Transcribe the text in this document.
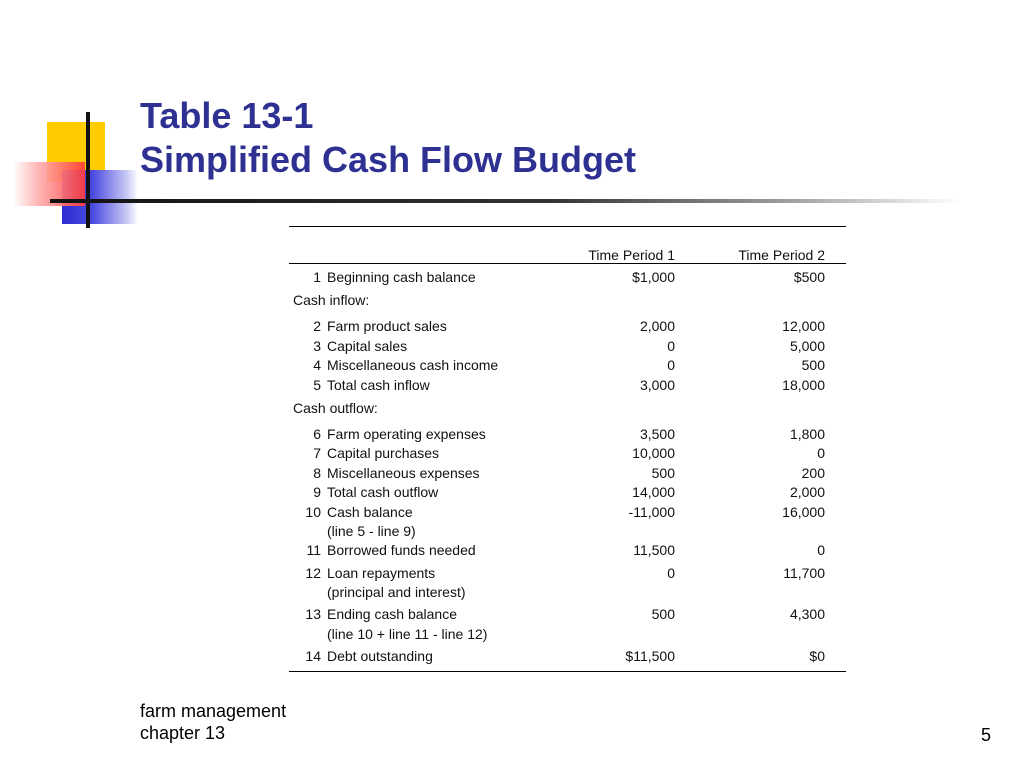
Table 13-1
Simplified Cash Flow Budget
Time Period 1	Time Period 2
1 Beginning cash balance	$1,000	$500
Cash inflow:
2 Farm product sales	2,000	12,000
3 Capital sales	0	5,000
4 Miscellaneous cash income	0	500
5 Total cash inflow	3,000	18,000
Cash outflow:
6 Farm operating expenses	3,500	1,800
7 Capital purchases	10,000	0
8 Miscellaneous expenses	500	200
9 Total cash outflow	14,000	2,000
10 Cash balance	-11,000	16,000
(line 5 - line 9)
11 Borrowed funds needed	11,500	0
12 Loan repayments	0	11,700
(principal and interest)
13 Ending cash balance	500	4,300
(line 10 + line 11 - line 12)
14 Debt outstanding	$11,500	$0
farm management
chapter 13	5
